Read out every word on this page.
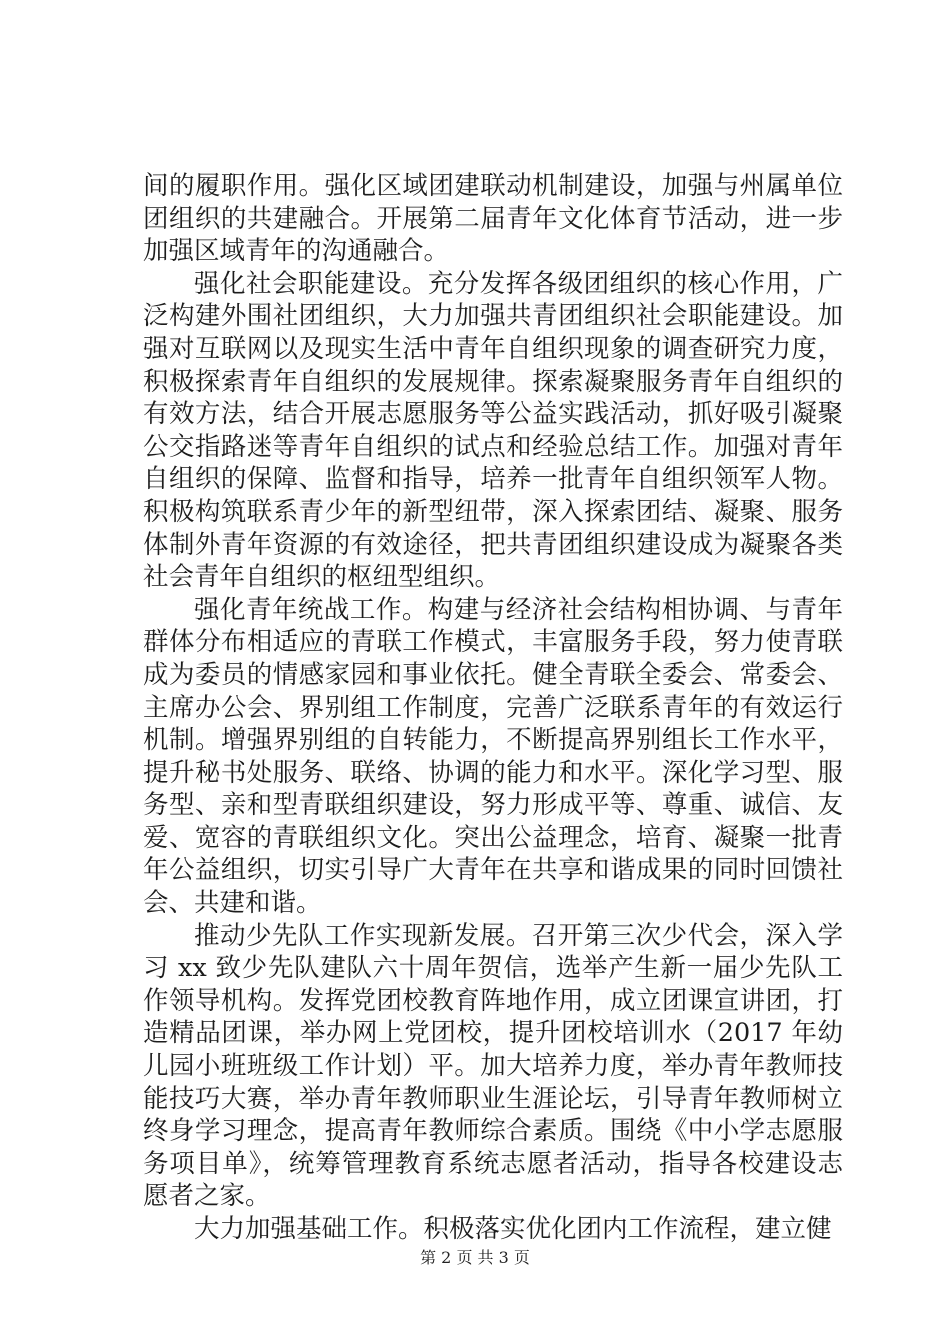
间的履职作用。强化区域团建联动机制建设，加强与州属单位团组织的共建融合。开展第二届青年文化体育节活动，进一步加强区域青年的沟通融合。

强化社会职能建设。充分发挥各级团组织的核心作用，广泛构建外围社团组织，大力加强共青团组织社会职能建设。加强对互联网以及现实生活中青年自组织现象的调查研究力度，积极探索青年自组织的发展规律。探索凝聚服务青年自组织的有效方法，结合开展志愿服务等公益实践活动，抓好吸引凝聚公交指路迷等青年自组织的试点和经验总结工作。加强对青年自组织的保障、监督和指导，培养一批青年自组织领军人物。积极构筑联系青少年的新型纽带，深入探索团结、凝聚、服务体制外青年资源的有效途径，把共青团组织建设成为凝聚各类社会青年自组织的枢纽型组织。

强化青年统战工作。构建与经济社会结构相协调、与青年群体分布相适应的青联工作模式，丰富服务手段，努力使青联成为委员的情感家园和事业依托。健全青联全委会、常委会、主席办公会、界别组工作制度，完善广泛联系青年的有效运行机制。增强界别组的自转能力，不断提高界别组长工作水平，提升秘书处服务、联络、协调的能力和水平。深化学习型、服务型、亲和型青联组织建设，努力形成平等、尊重、诚信、友爱、宽容的青联组织文化。突出公益理念，培育、凝聚一批青年公益组织，切实引导广大青年在共享和谐成果的同时回馈社会、共建和谐。

推动少先队工作实现新发展。召开第三次少代会，深入学习 xx 致少先队建队六十周年贺信，选举产生新一届少先队工作领导机构。发挥党团校教育阵地作用，成立团课宣讲团，打造精品团课，举办网上党团校，提升团校培训水（2017 年幼儿园小班班级工作计划）平。加大培养力度，举办青年教师技能技巧大赛，举办青年教师职业生涯论坛，引导青年教师树立终身学习理念，提高青年教师综合素质。围绕《中小学志愿服务项目单》，统筹管理教育系统志愿者活动，指导各校建设志愿者之家。

大力加强基础工作。积极落实优化团内工作流程，建立健

第 2 页 共 3 页
